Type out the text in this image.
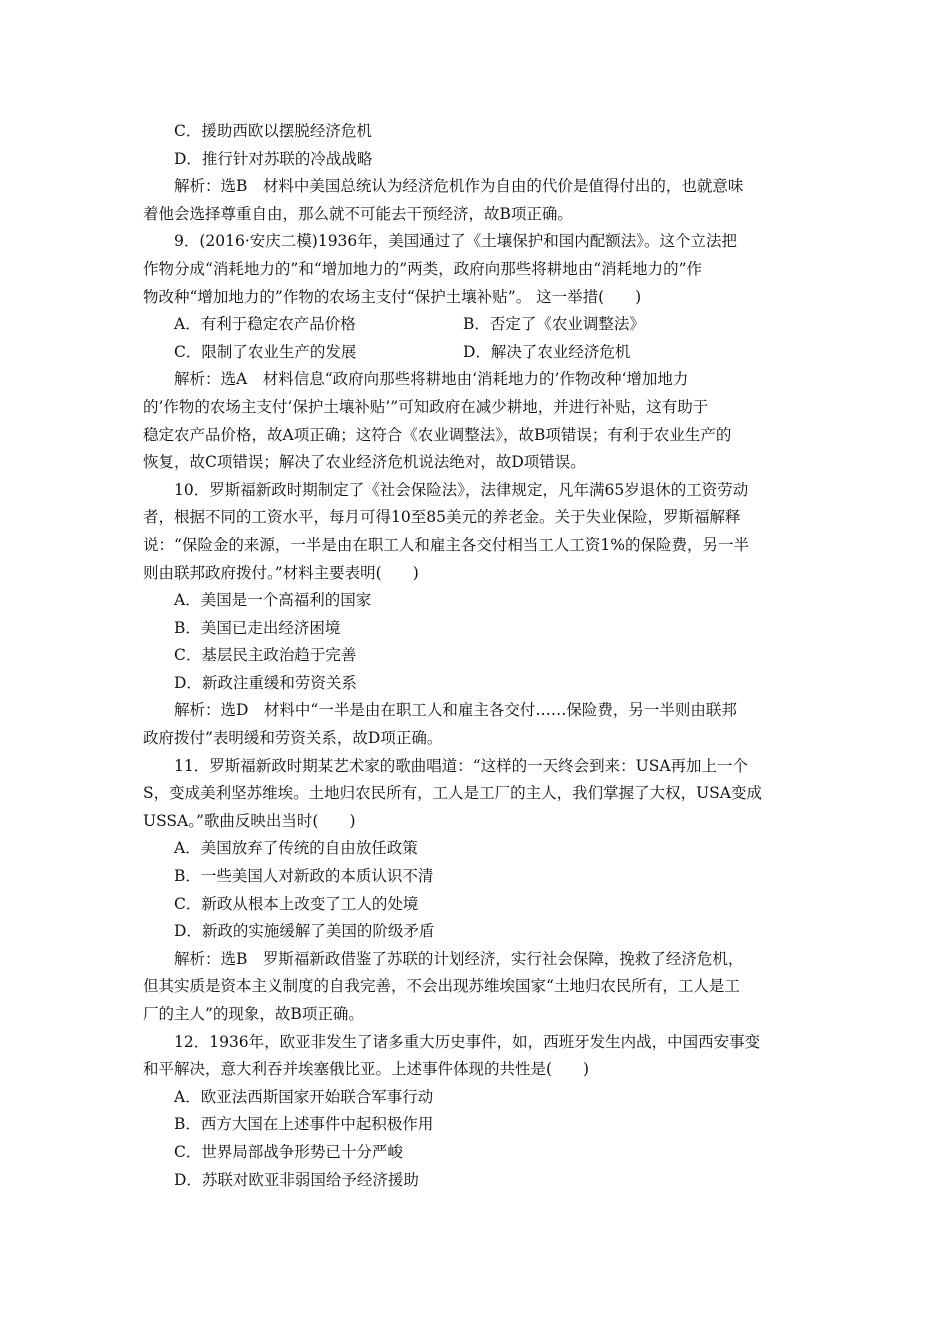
C．援助西欧以摆脱经济危机
D．推行针对苏联的冷战战略
解析：选B　材料中美国总统认为经济危机作为自由的代价是值得付出的，也就意味
着他会选择尊重自由，那么就不可能去干预经济，故B项正确。
9．(2016·安庆二模)1936年，美国通过了《土壤保护和国内配额法》。这个立法把
作物分成“消耗地力的”和“增加地力的”两类，政府向那些将耕地由“消耗地力的”作
物改种“增加地力的”作物的农场主支付“保护土壤补贴”。 这一举措(　　)
A．有利于稳定农产品价格	B．否定了《农业调整法》
C．限制了农业生产的发展	D．解决了农业经济危机
解析：选A　材料信息“政府向那些将耕地由‘消耗地力的’作物改种‘增加地力
的’作物的农场主支付‘保护土壤补贴’”可知政府在减少耕地，并进行补贴，这有助于
稳定农产品价格，故A项正确；这符合《农业调整法》，故B项错误；有利于农业生产的
恢复，故C项错误；解决了农业经济危机说法绝对，故D项错误。
10．罗斯福新政时期制定了《社会保险法》，法律规定，凡年满65岁退休的工资劳动
者，根据不同的工资水平，每月可得10至85美元的养老金。关于失业保险，罗斯福解释
说：“保险金的来源，一半是由在职工人和雇主各交付相当工人工资1%的保险费，另一半
则由联邦政府拨付。”材料主要表明(　　)
A．美国是一个高福利的国家
B．美国已走出经济困境
C．基层民主政治趋于完善
D．新政注重缓和劳资关系
解析：选D　材料中“一半是由在职工人和雇主各交付……保险费，另一半则由联邦
政府拨付”表明缓和劳资关系，故D项正确。
11．罗斯福新政时期某艺术家的歌曲唱道：“这样的一天终会到来：USA再加上一个
S，变成美利坚苏维埃。土地归农民所有，工人是工厂的主人，我们掌握了大权，USA变成
USSA。”歌曲反映出当时(　　)
A．美国放弃了传统的自由放任政策
B．一些美国人对新政的本质认识不清
C．新政从根本上改变了工人的处境
D．新政的实施缓解了美国的阶级矛盾
解析：选B　罗斯福新政借鉴了苏联的计划经济，实行社会保障，挽救了经济危机，
但其实质是资本主义制度的自我完善，不会出现苏维埃国家“土地归农民所有，工人是工
厂的主人”的现象，故B项正确。
12．1936年，欧亚非发生了诸多重大历史事件，如，西班牙发生内战，中国西安事变
和平解决，意大利吞并埃塞俄比亚。上述事件体现的共性是(　　)
A．欧亚法西斯国家开始联合军事行动
B．西方大国在上述事件中起积极作用
C．世界局部战争形势已十分严峻
D．苏联对欧亚非弱国给予经济援助
